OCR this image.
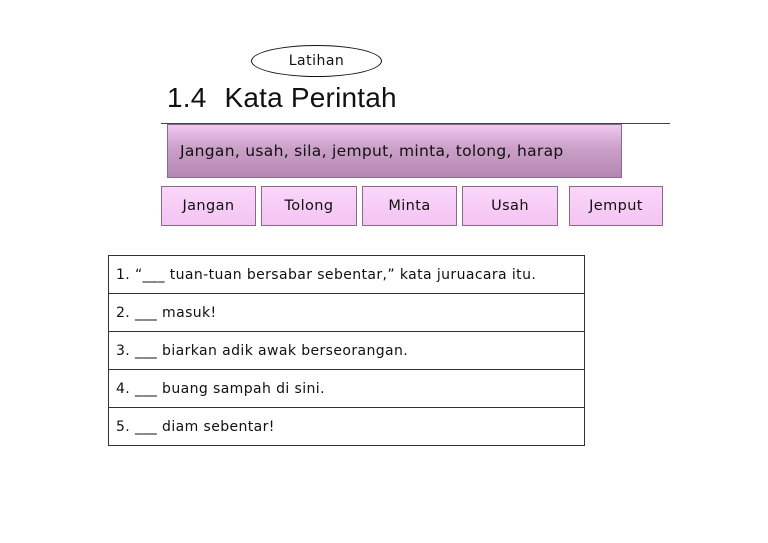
Latihan
1.4 Kata Perintah
Jangan, usah, sila, jemput, minta, tolong, harap
Jangan	Tolong	Minta	Usah	Jemput
1. “___ tuan-tuan bersabar sebentar,” kata juruacara itu.
2. ___ masuk!
3. ___ biarkan adik awak berseorangan.
4. ___ buang sampah di sini.
5. ___ diam sebentar!
